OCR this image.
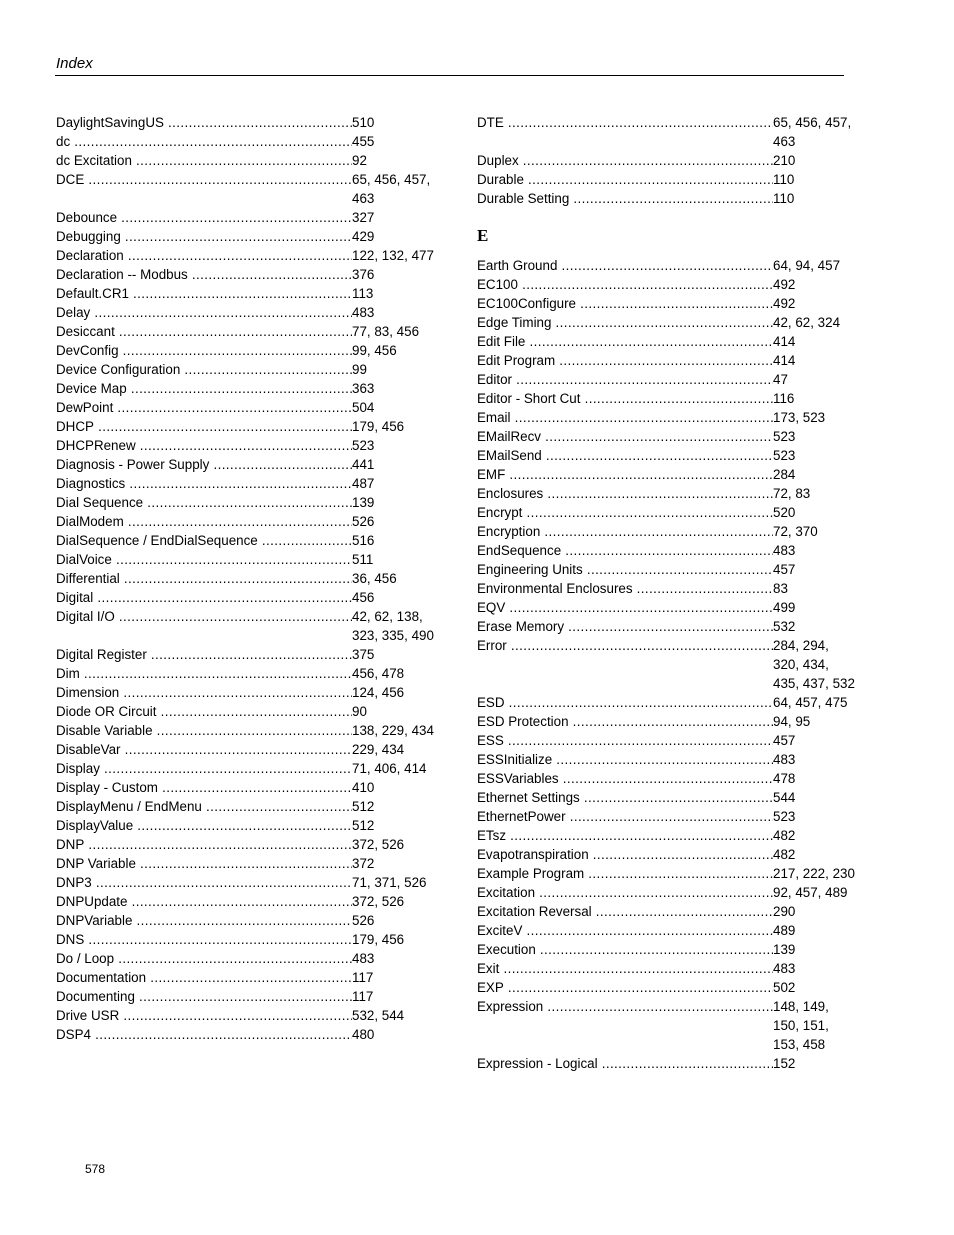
Index
DaylightSavingUS .....	510
dc .....	455
dc Excitation .....	92
DCE .....	65, 456, 457, 463
Debounce .....	327
Debugging .....	429
Declaration .....	122, 132, 477
Declaration -- Modbus .....	376
Default.CR1 .....	113
Delay .....	483
Desiccant .....	77, 83, 456
DevConfig .....	99, 456
Device Configuration .....	99
Device Map .....	363
DewPoint .....	504
DHCP .....	179, 456
DHCPRenew .....	523
Diagnosis - Power Supply .....	441
Diagnostics .....	487
Dial Sequence .....	139
DialModem .....	526
DialSequence / EndDialSequence .....	516
DialVoice .....	511
Differential .....	36, 456
Digital .....	456
Digital I/O .....	42, 62, 138, 323, 335, 490
Digital Register .....	375
Dim .....	456, 478
Dimension .....	124, 456
Diode OR Circuit .....	90
Disable Variable .....	138, 229, 434
DisableVar .....	229, 434
Display .....	71, 406, 414
Display - Custom .....	410
DisplayMenu / EndMenu .....	512
DisplayValue .....	512
DNP .....	372, 526
DNP Variable .....	372
DNP3 .....	71, 371, 526
DNPUpdate .....	372, 526
DNPVariable .....	526
DNS .....	179, 456
Do / Loop .....	483
Documentation .....	117
Documenting .....	117
Drive USR .....	532, 544
DSP4 .....	480
DTE .....	65, 456, 457, 463
Duplex .....	210
Durable .....	110
Durable Setting .....	110
E
Earth Ground .....	64, 94, 457
EC100 .....	492
EC100Configure .....	492
Edge Timing .....	42, 62, 324
Edit File .....	414
Edit Program .....	414
Editor .....	47
Editor - Short Cut .....	116
Email .....	173, 523
EMailRecv .....	523
EMailSend .....	523
EMF .....	284
Enclosures .....	72, 83
Encrypt .....	520
Encryption .....	72, 370
EndSequence .....	483
Engineering Units .....	457
Environmental Enclosures .....	83
EQV .....	499
Erase Memory .....	532
Error .....	284, 294, 320, 434, 435, 437, 532
ESD .....	64, 457, 475
ESD Protection .....	94, 95
ESS .....	457
ESSInitialize .....	483
ESSVariables .....	478
Ethernet Settings .....	544
EthernetPower .....	523
ETsz .....	482
Evapotranspiration .....	482
Example Program .....	217, 222, 230
Excitation .....	92, 457, 489
Excitation Reversal .....	290
ExciteV .....	489
Execution .....	139
Exit .....	483
EXP .....	502
Expression .....	148, 149, 150, 151, 153, 458
Expression - Logical .....	152
578
